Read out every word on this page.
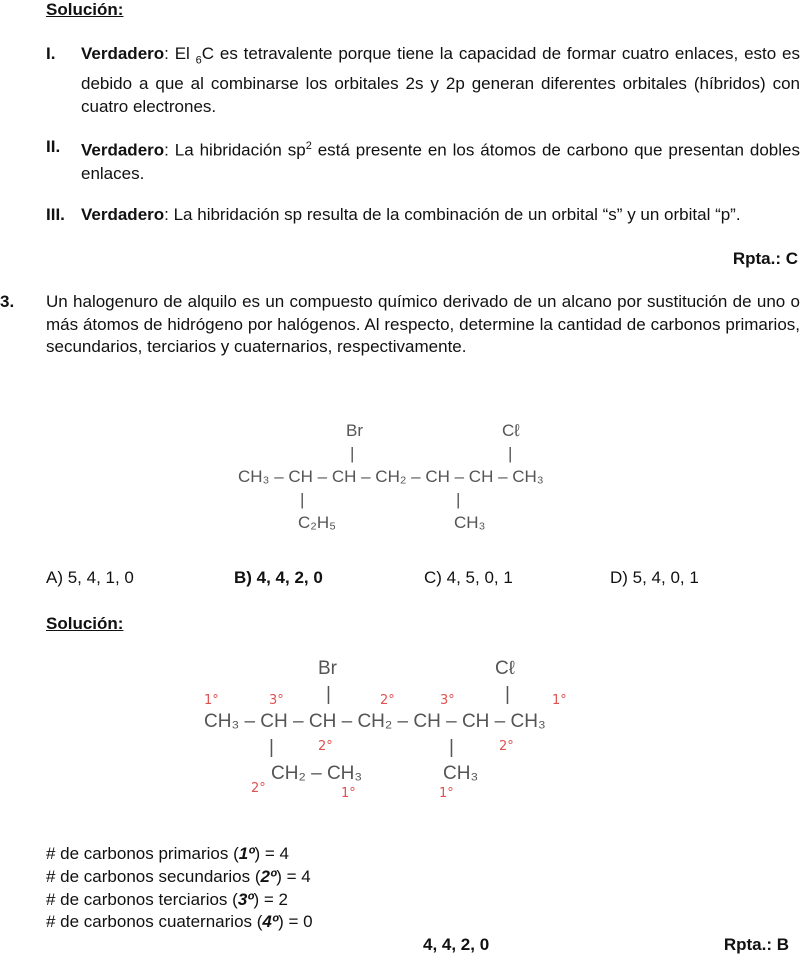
Solución:
I. Verdadero: El $_6$C es tetravalente porque tiene la capacidad de formar cuatro enlaces, esto es debido a que al combinarse los orbitales 2s y 2p generan diferentes orbitales (híbridos) con cuatro electrones.
II. Verdadero: La hibridación $sp^2$ está presente en los átomos de carbono que presentan dobles enlaces.
III. Verdadero: La hibridación sp resulta de la combinación de un orbital “s” y un orbital “p”.
Rpta.: C
3. Un halogenuro de alquilo es un compuesto químico derivado de un alcano por sustitución de uno o más átomos de hidrógeno por halógenos. Al respecto, determine la cantidad de carbonos primarios, secundarios, terciarios y cuaternarios, respectivamente.
Br	Cℓ
|	|
CH₃ – CH – CH – CH₂ – CH – CH – CH₃
|	|
C₂H₅	CH₃
A) 5, 4, 1, 0	B) 4, 4, 2, 0	C) 4, 5, 0, 1	D) 5, 4, 0, 1
Solución:
Br	Cℓ
|	|
CH₃ – CH – CH – CH₂ – CH – CH – CH₃
|	|
CH₂ – CH₃	CH₃
1°	3°	2°	3°	1°
2°	2°
2°	1°	1°
# de carbonos primarios (1º) = 4
# de carbonos secundarios (2º) = 4
# de carbonos terciarios (3º) = 2
# de carbonos cuaternarios (4º) = 0
4, 4, 2, 0	Rpta.: B
